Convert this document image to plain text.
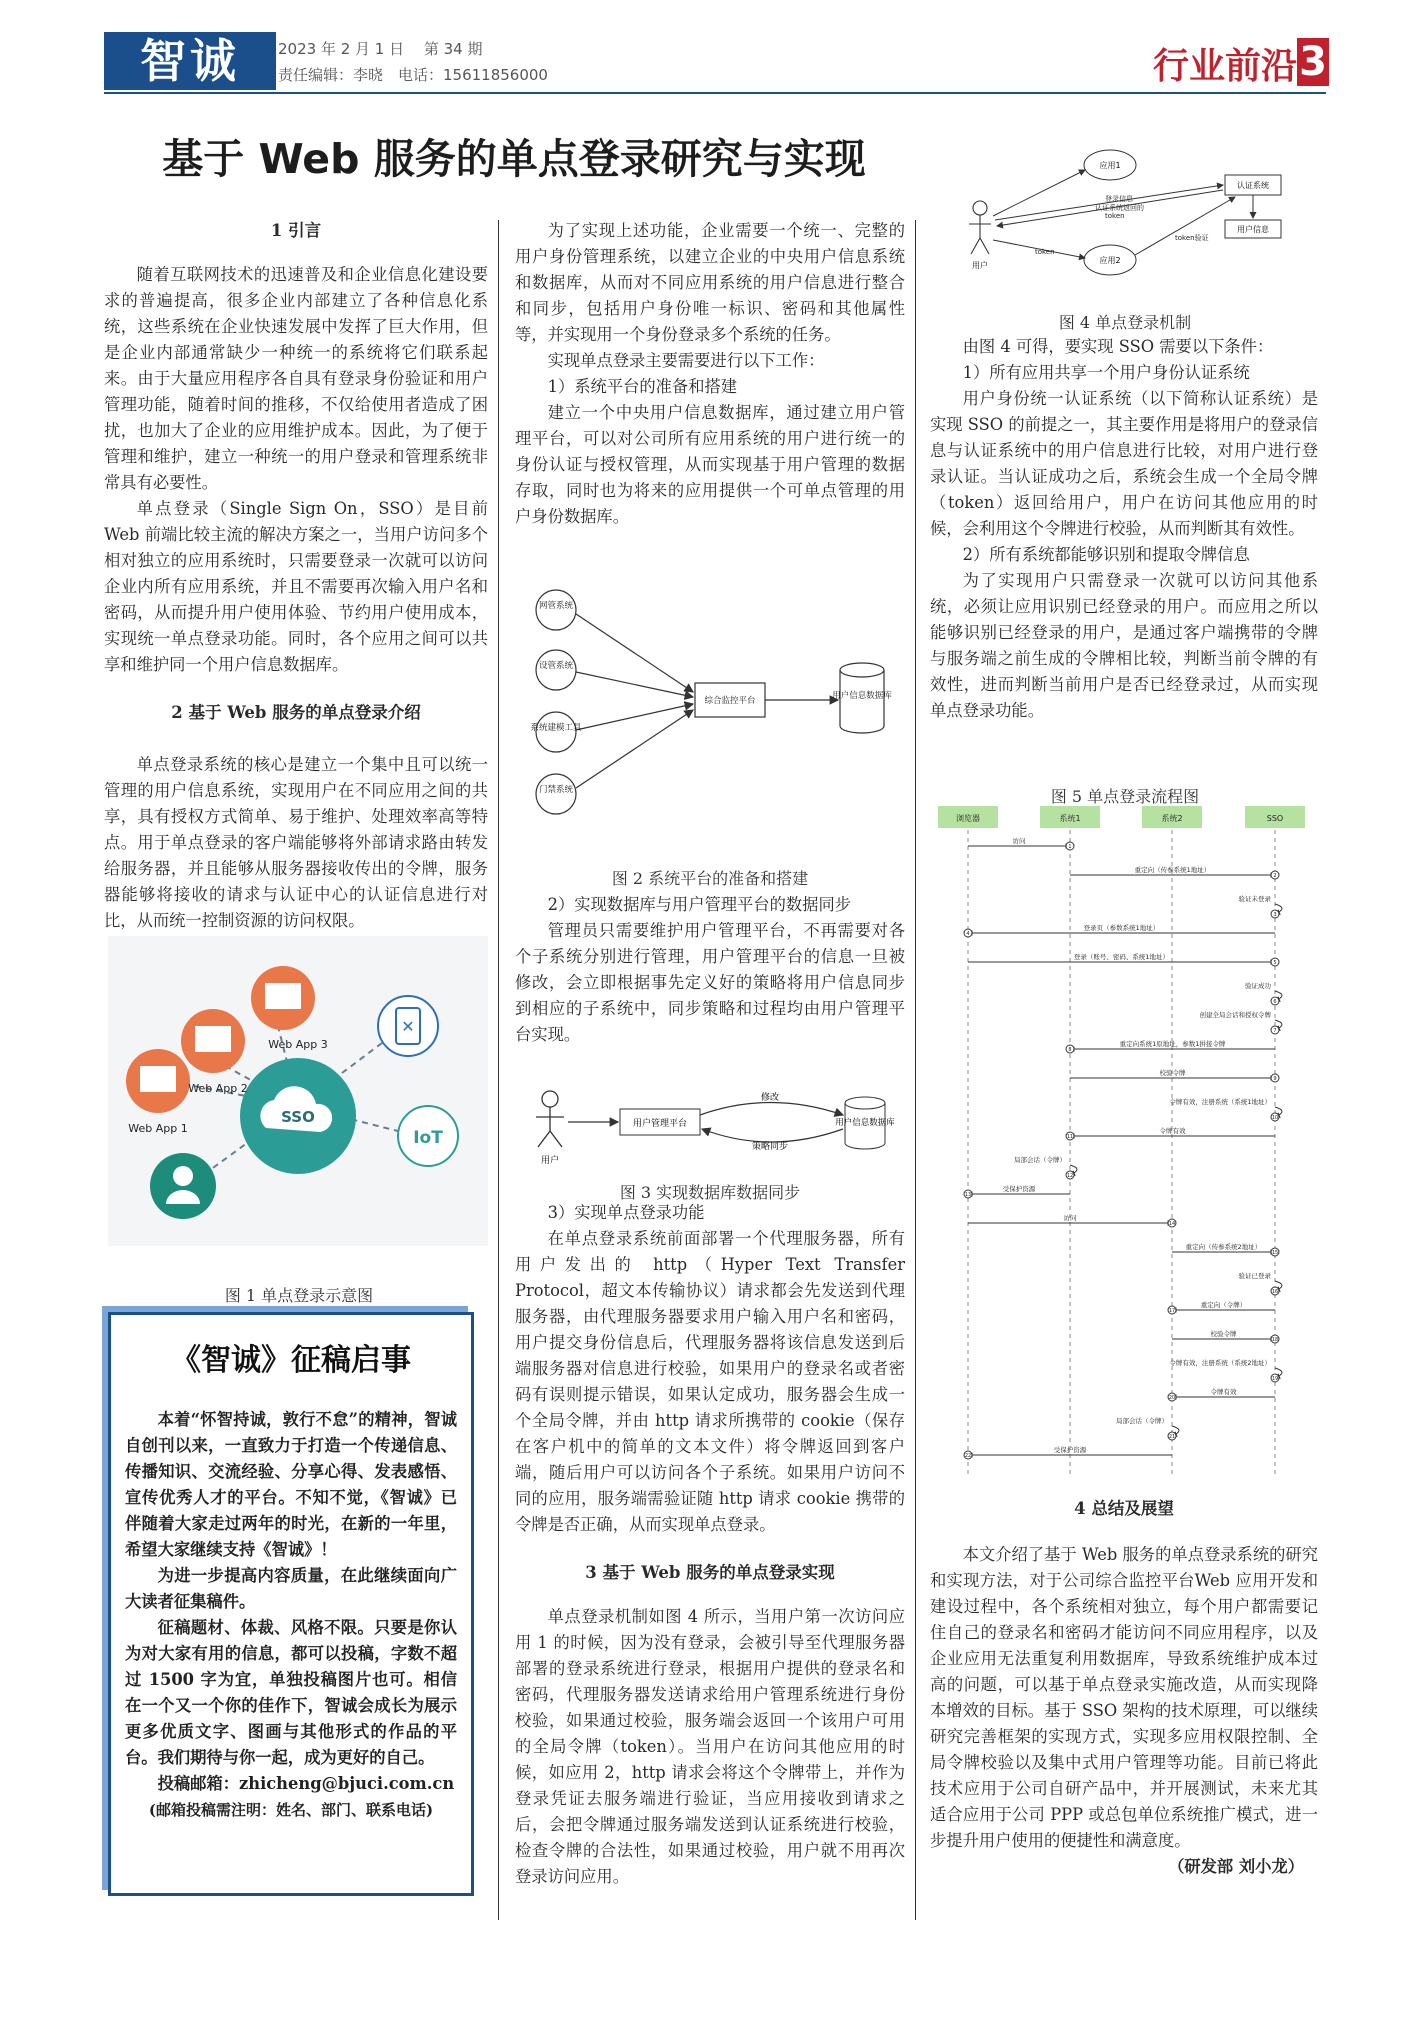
智诚	2023 年 2 月 1 日　 第 34 期
责任编辑：李晓　电话：15611856000	行业前沿 3
基于 Web 服务的单点登录研究与实现

1 引言

随着互联网技术的迅速普及和企业信息化建设要求的普遍提高，很多企业内部建立了各种信息化系统，这些系统在企业快速发展中发挥了巨大作用，但是企业内部通常缺少一种统一的系统将它们联系起来。由于大量应用程序各自具有登录身份验证和用户管理功能，随着时间的推移，不仅给使用者造成了困扰，也加大了企业的应用维护成本。因此，为了便于管理和维护，建立一种统一的用户登录和管理系统非常具有必要性。

单点登录（Single Sign On，SSO）是目前Web 前端比较主流的解决方案之一，当用户访问多个相对独立的应用系统时，只需要登录一次就可以访问企业内所有应用系统，并且不需要再次输入用户名和密码，从而提升用户使用体验、节约用户使用成本，实现统一单点登录功能。同时，各个应用之间可以共享和维护同一个用户信息数据库。

2 基于 Web 服务的单点登录介绍

单点登录系统的核心是建立一个集中且可以统一管理的用户信息系统，实现用户在不同应用之间的共享，具有授权方式简单、易于维护、处理效率高等特点。用于单点登录的客户端能够将外部请求路由转发给服务器，并且能够从服务器接收传出的令牌，服务器能够将接收的请求与认证中心的认证信息进行对比，从而统一控制资源的访问权限。

SSO
Web App 1
Web App 2
Web App 3
✕
IoT
图 1 单点登录示意图
《智诚》征稿启事

本着“怀智持诚，敦行不怠”的精神，智诚自创刊以来，一直致力于打造一个传递信息、传播知识、交流经验、分享心得、发表感悟、宣传优秀人才的平台。不知不觉，《智诚》已伴随着大家走过两年的时光，在新的一年里，希望大家继续支持《智诚》！

为进一步提高内容质量，在此继续面向广大读者征集稿件。

征稿题材、体裁、风格不限。只要是你认为对大家有用的信息，都可以投稿，字数不超过 1500 字为宜，单独投稿图片也可。相信在一个又一个你的佳作下，智诚会成长为展示更多优质文字、图画与其他形式的作品的平台。我们期待与你一起，成为更好的自己。

投稿邮箱：zhicheng@bjuci.com.cn

(邮箱投稿需注明：姓名、部门、联系电话)

为了实现上述功能，企业需要一个统一、完整的用户身份管理系统，以建立企业的中央用户信息系统和数据库，从而对不同应用系统的用户信息进行整合和同步，包括用户身份唯一标识、密码和其他属性等，并实现用一个身份登录多个系统的任务。

实现单点登录主要需要进行以下工作：

1）系统平台的准备和搭建

建立一个中央用户信息数据库，通过建立用户管理平台，可以对公司所有应用系统的用户进行统一的身份认证与授权管理，从而实现基于用户管理的数据存取，同时也为将来的应用提供一个可单点管理的用户身份数据库。

网管系统
设管系统
系统建模工具
门禁系统
综合监控平台	用户信息数据库
图 2 系统平台的准备和搭建

2）实现数据库与用户管理平台的数据同步

管理员只需要维护用户管理平台，不再需要对各个子系统分别进行管理，用户管理平台的信息一旦被修改，会立即根据事先定义好的策略将用户信息同步到相应的子系统中，同步策略和过程均由用户管理平台实现。

用户
用户管理平台	用户信息数据库
修改
策略同步
图 3 实现数据库数据同步

3）实现单点登录功能

在单点登录系统前面部署一个代理服务器，所有用户发出的 http（Hyper Text Transfer Protocol，超文本传输协议）请求都会先发送到代理服务器，由代理服务器要求用户输入用户名和密码，用户提交身份信息后，代理服务器将该信息发送到后端服务器对信息进行校验，如果用户的登录名或者密码有误则提示错误，如果认定成功，服务器会生成一个全局令牌，并由 http 请求所携带的 cookie（保存在客户机中的简单的文本文件）将令牌返回到客户端，随后用户可以访问各个子系统。如果用户访问不同的应用，服务端需验证随 http 请求 cookie 携带的令牌是否正确，从而实现单点登录。

3 基于 Web 服务的单点登录实现

单点登录机制如图 4 所示，当用户第一次访问应用 1 的时候，因为没有登录，会被引导至代理服务器部署的登录系统进行登录，根据用户提供的登录名和密码，代理服务器发送请求给用户管理系统进行身份校验，如果通过校验，服务端会返回一个该用户可用的全局令牌（token）。当用户在访问其他应用的时候，如应用 2，http 请求会将这个令牌带上，并作为登录凭证去服务端进行验证，当应用接收到请求之后，会把令牌通过服务端发送到认证系统进行校验，检查令牌的合法性，如果通过校验，用户就不用再次登录访问应用。

用户
应用1
应用2
认证系统
用户信息
登录信息
认证系统返回的
token
token
token验证
图 4 单点登录机制

由图 4 可得，要实现 SSO 需要以下条件：

1）所有应用共享一个用户身份认证系统

用户身份统一认证系统（以下简称认证系统）是实现 SSO 的前提之一，其主要作用是将用户的登录信息与认证系统中的用户信息进行比较，对用户进行登录认证。当认证成功之后，系统会生成一个全局令牌（token）返回给用户，用户在访问其他应用的时候，会利用这个令牌进行校验，从而判断其有效性。

2）所有系统都能够识别和提取令牌信息

为了实现用户只需登录一次就可以访问其他系统，必须让应用识别已经登录的用户。而应用之所以能够识别已经登录的用户，是通过客户端携带的令牌与服务端之前生成的令牌相比较，判断当前令牌的有效性，进而判断当前用户是否已经登录过，从而实现单点登录功能。

图 5 单点登录流程图
浏览器	系统1	系统2	SSO
访问
1
重定向（传参系统1地址）
2
验证未登录
3
登录页（参数系统1地址）
4
登录（账号、密码、系统1地址）
5
验证成功
6
创建全局会话和授权令牌
7
重定向系统1原地址，参数1拼接令牌
8
校验令牌
9
令牌有效，注册系统（系统1地址）
10
令牌有效
11
局部会话（令牌）
12
受保护资源
13
访问
14
重定向（传参系统2地址）
15
验证已登录
16
重定向（令牌）
17
校验令牌
18
令牌有效，注册系统（系统2地址）
19
令牌有效
20
局部会话（令牌）
21
受保护资源
22

4 总结及展望

本文介绍了基于 Web 服务的单点登录系统的研究和实现方法，对于公司综合监控平台Web 应用开发和建设过程中，各个系统相对独立，每个用户都需要记住自己的登录名和密码才能访问不同应用程序，以及企业应用无法重复利用数据库，导致系统维护成本过高的问题，可以基于单点登录实施改造，从而实现降本增效的目标。基于 SSO 架构的技术原理，可以继续研究完善框架的实现方式，实现多应用权限控制、全局令牌校验以及集中式用户管理等功能。目前已将此技术应用于公司自研产品中，并开展测试，未来尤其适合应用于公司 PPP 或总包单位系统推广模式，进一步提升用户使用的便捷性和满意度。

（研发部 刘小龙）
